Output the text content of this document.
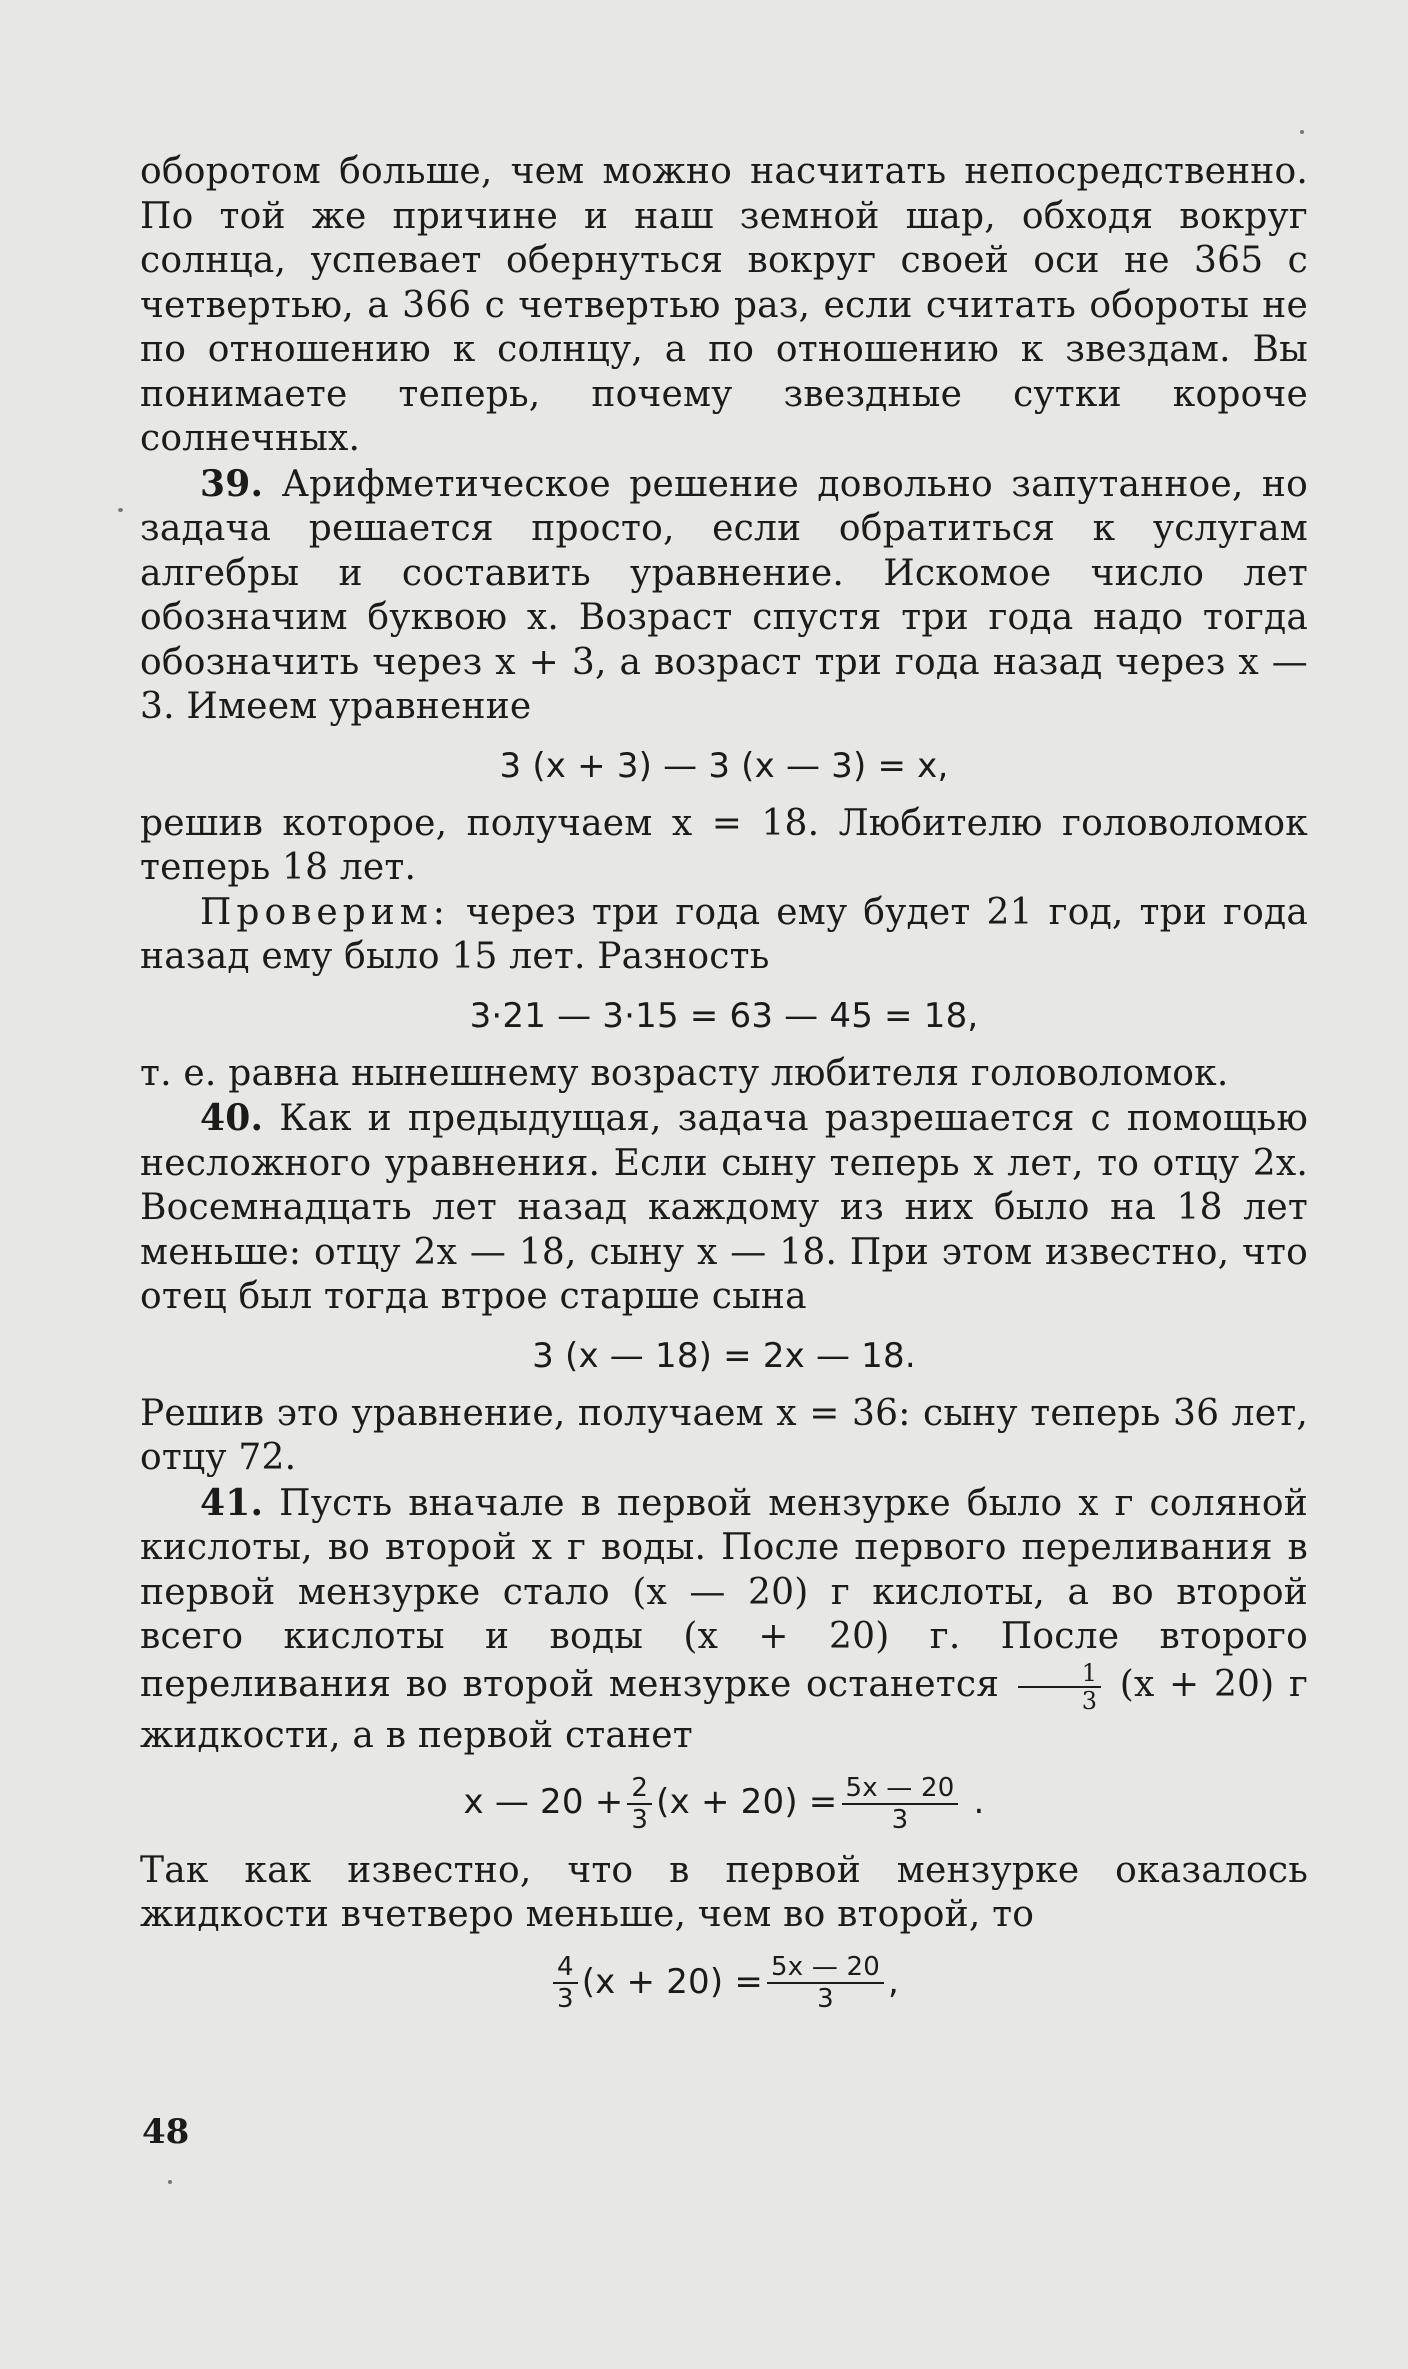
оборотом больше, чем можно насчитать непосредственно. По той же причине и наш земной шар, обходя вокруг солнца, успевает обернуться вокруг своей оси не 365 с четвертью, а 366 с четвертью раз, если считать обороты не по отношению к солнцу, а по отношению к звездам. Вы понимаете теперь, почему звездные сутки короче солнечных.

39. Арифметическое решение довольно запутанное, но задача решается просто, если обратиться к услугам алгебры и составить уравнение. Искомое число лет обозначим буквою x. Возраст спустя три года надо тогда обозначить через x + 3, а возраст три года назад через x — 3. Имеем уравнение

3 (x + 3) — 3 (x — 3) = x,

решив которое, получаем x = 18. Любителю головоломок теперь 18 лет.

Проверим: через три года ему будет 21 год, три года назад ему было 15 лет. Разность

3·21 — 3·15 = 63 — 45 = 18,

т. е. равна нынешнему возрасту любителя головоломок.

40. Как и предыдущая, задача разрешается с помощью несложного уравнения. Если сыну теперь x лет, то отцу 2x. Восемнадцать лет назад каждому из них было на 18 лет меньше: отцу 2x — 18, сыну x — 18. При этом известно, что отец был тогда втрое старше сына

3 (x — 18) = 2x — 18.

Решив это уравнение, получаем x = 36: сыну теперь 36 лет, отцу 72.

41. Пусть вначале в первой мензурке было x г соляной кислоты, во второй x г воды. После первого переливания в первой мензурке стало (x — 20) г кислоты, а во второй всего кислоты и воды (x + 20) г. После второго переливания во второй мензурке останется $\frac{1}{3} (x + 20)$ г жидкости, а в первой станет

x — $20 + \frac{2}{3} (x + 20) = \frac{5x — 20}{3}$ .

Так как известно, что в первой мензурке оказалось жидкости вчетверо меньше, чем во второй, то

$\frac{4}{3} (x + 20) = \frac{5x — 20}{3}$ ,
48
